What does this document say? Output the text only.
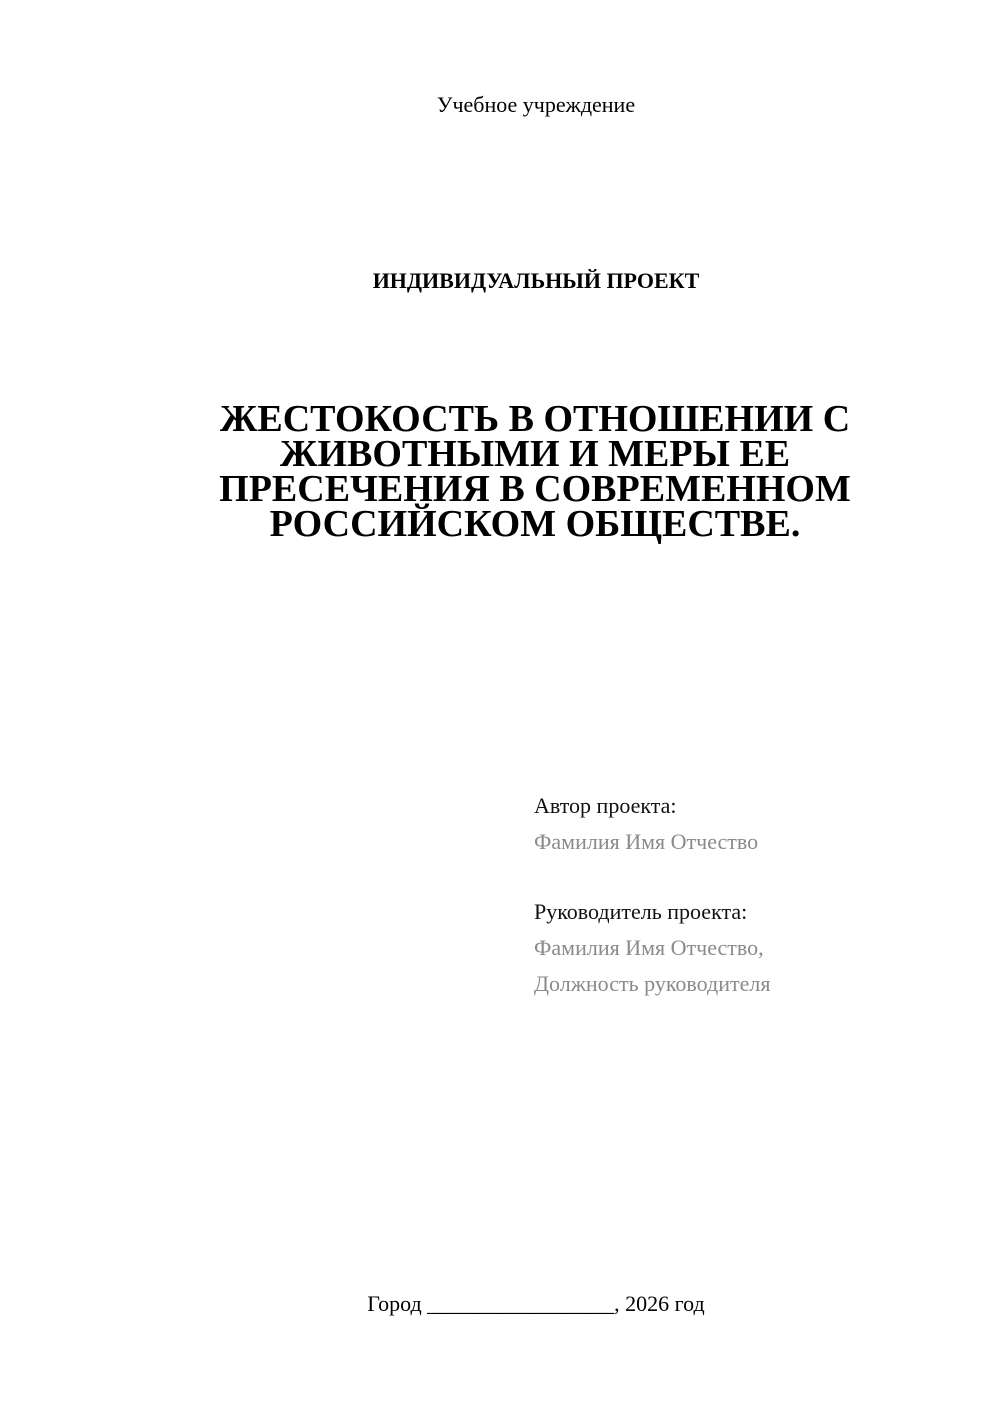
Учебное учреждение
ИНДИВИДУАЛЬНЫЙ ПРОЕКТ
ЖЕСТОКОСТЬ В ОТНОШЕНИИ С
ЖИВОТНЫМИ И МЕРЫ ЕЕ
ПРЕСЕЧЕНИЯ В СОВРЕМЕННОМ
РОССИЙСКОМ ОБЩЕСТВЕ.
Автор проекта:
Фамилия Имя Отчество
Руководитель проекта:
Фамилия Имя Отчество,
Должность руководителя
Город _________________, 2026 год
